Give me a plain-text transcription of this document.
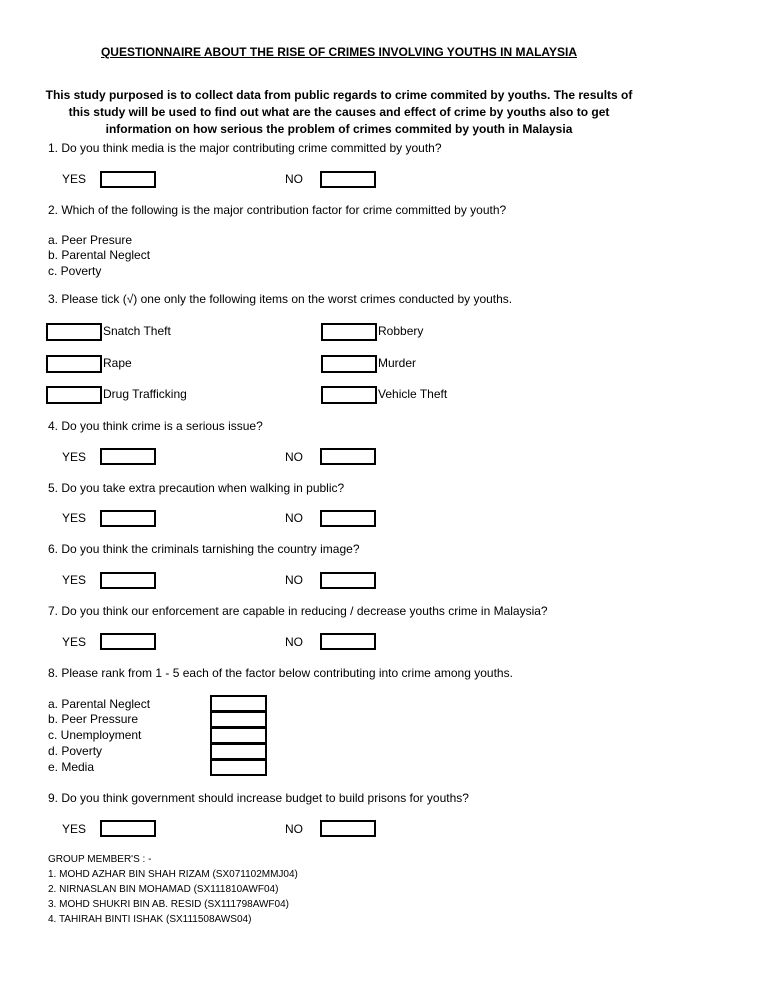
QUESTIONNAIRE ABOUT THE RISE OF CRIMES INVOLVING YOUTHS IN MALAYSIA
This study purposed is to collect data from public regards to crime commited by youths. The results of this study will be used to find out what are the causes and effect of crime by youths also to get information on how serious the problem of crimes commited by youth in Malaysia
1. Do you think media is the major contributing crime committed by youth?
YES	NO
2. Which of the following is the major contribution factor for crime committed by youth?
a. Peer Presure
b. Parental Neglect
c. Poverty
3. Please tick (√) one only the following items on the worst crimes conducted by youths.
Snatch Theft	Robbery
Rape	Murder
Drug Trafficking	Vehicle Theft
4. Do you think crime is a serious issue?
YES	NO
5. Do you take extra precaution when walking in public?
YES	NO
6. Do you think the criminals tarnishing the country image?
YES	NO
7. Do you think our enforcement are capable in reducing / decrease youths crime in Malaysia?
YES	NO
8. Please rank from 1 - 5 each of the factor below contributing into crime among youths.
a. Parental Neglect
b. Peer Pressure
c. Unemployment
d. Poverty
e. Media
9. Do you think government should increase budget to build prisons for youths?
YES	NO
GROUP MEMBER'S : -
1. MOHD AZHAR BIN SHAH RIZAM (SX071102MMJ04)
2. NIRNASLAN BIN MOHAMAD (SX111810AWF04)
3. MOHD SHUKRI BIN AB. RESID (SX111798AWF04)
4. TAHIRAH BINTI ISHAK (SX111508AWS04)
